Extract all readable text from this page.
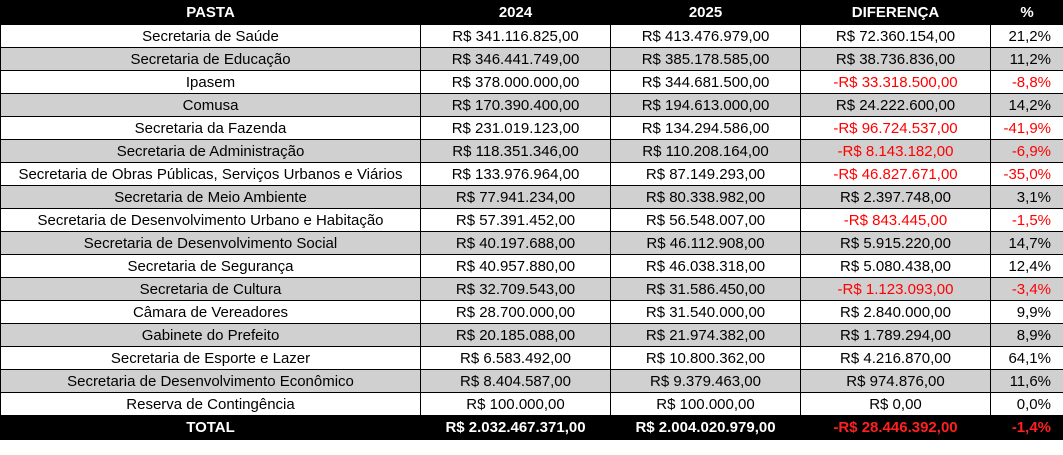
PASTA	2024	2025	DIFERENÇA	%
Secretaria de Saúde	R$ 341.116.825,00	R$ 413.476.979,00	R$ 72.360.154,00	21,2%
Secretaria de Educação	R$ 346.441.749,00	R$ 385.178.585,00	R$ 38.736.836,00	11,2%
Ipasem	R$ 378.000.000,00	R$ 344.681.500,00	-R$ 33.318.500,00	-8,8%
Comusa	R$ 170.390.400,00	R$ 194.613.000,00	R$ 24.222.600,00	14,2%
Secretaria da Fazenda	R$ 231.019.123,00	R$ 134.294.586,00	-R$ 96.724.537,00	-41,9%
Secretaria de Administração	R$ 118.351.346,00	R$ 110.208.164,00	-R$ 8.143.182,00	-6,9%
Secretaria de Obras Públicas, Serviços Urbanos e Viários	R$ 133.976.964,00	R$ 87.149.293,00	-R$ 46.827.671,00	-35,0%
Secretaria de Meio Ambiente	R$ 77.941.234,00	R$ 80.338.982,00	R$ 2.397.748,00	3,1%
Secretaria de Desenvolvimento Urbano e Habitação	R$ 57.391.452,00	R$ 56.548.007,00	-R$ 843.445,00	-1,5%
Secretaria de Desenvolvimento Social	R$ 40.197.688,00	R$ 46.112.908,00	R$ 5.915.220,00	14,7%
Secretaria de Segurança	R$ 40.957.880,00	R$ 46.038.318,00	R$ 5.080.438,00	12,4%
Secretaria de Cultura	R$ 32.709.543,00	R$ 31.586.450,00	-R$ 1.123.093,00	-3,4%
Câmara de Vereadores	R$ 28.700.000,00	R$ 31.540.000,00	R$ 2.840.000,00	9,9%
Gabinete do Prefeito	R$ 20.185.088,00	R$ 21.974.382,00	R$ 1.789.294,00	8,9%
Secretaria de Esporte e Lazer	R$ 6.583.492,00	R$ 10.800.362,00	R$ 4.216.870,00	64,1%
Secretaria de Desenvolvimento Econômico	R$ 8.404.587,00	R$ 9.379.463,00	R$ 974.876,00	11,6%
Reserva de Contingência	R$ 100.000,00	R$ 100.000,00	R$ 0,00	0,0%
TOTAL	R$ 2.032.467.371,00	R$ 2.004.020.979,00	-R$ 28.446.392,00	-1,4%
